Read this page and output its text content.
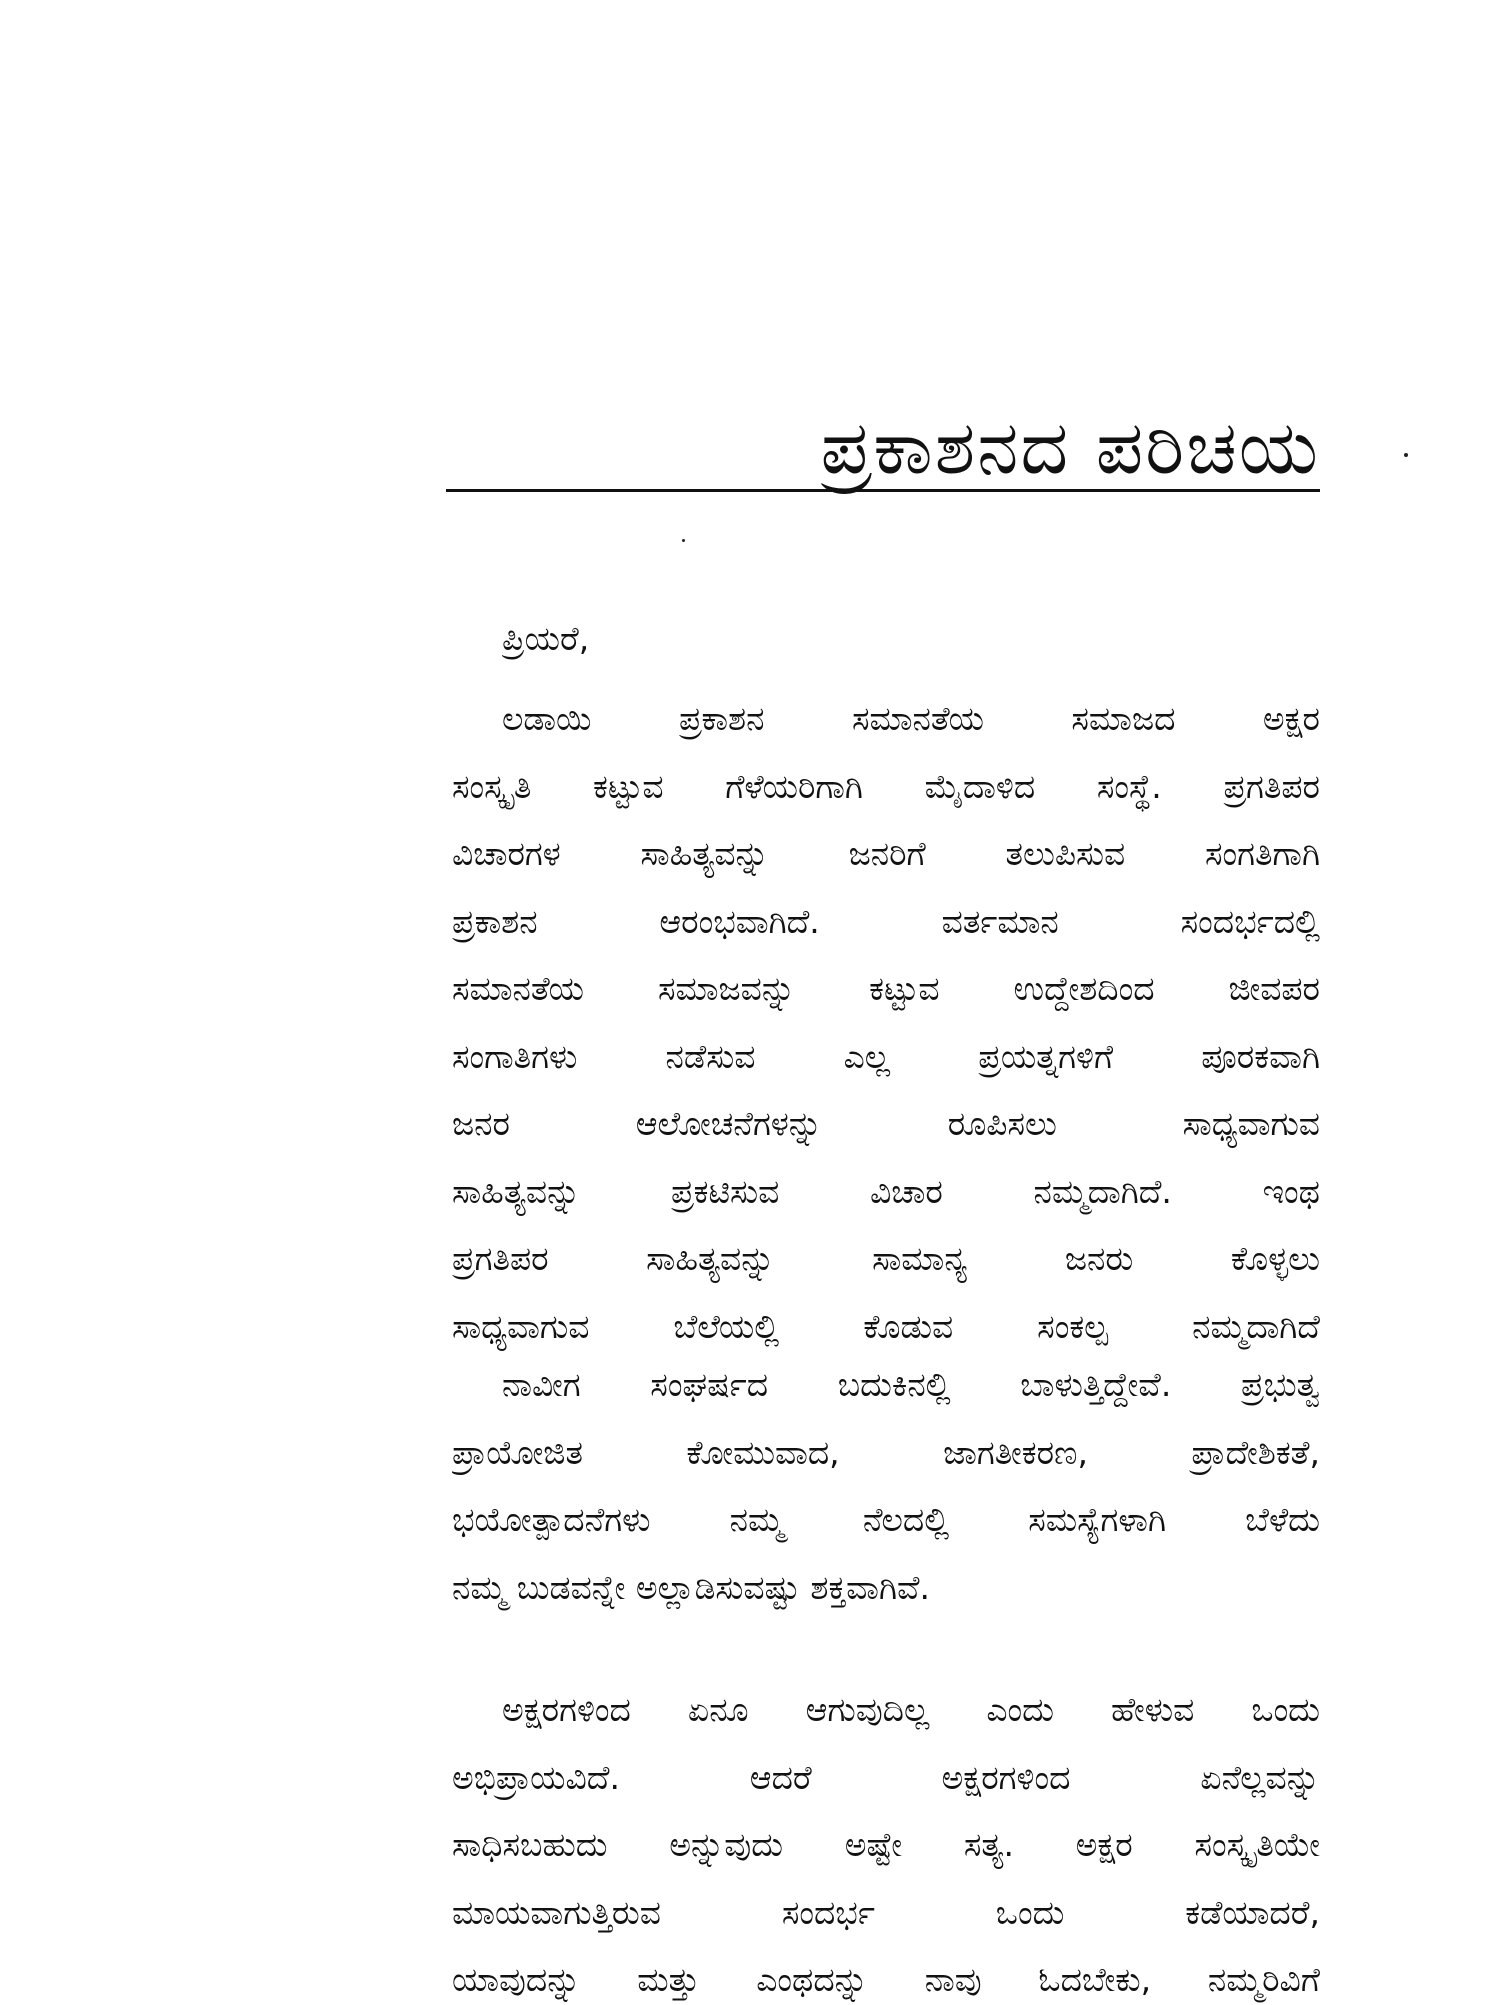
ಪ್ರಕಾಶನದ ಪರಿಚಯ
ಪ್ರಿಯರೆ,
ಲಡಾಯಿ ಪ್ರಕಾಶನ ಸಮಾನತೆಯ ಸಮಾಜದ ಅಕ್ಷರ
ಸಂಸ್ಕೃತಿ ಕಟ್ಟುವ ಗೆಳೆಯರಿಗಾಗಿ ಮೈದಾಳಿದ ಸಂಸ್ಥೆ. ಪ್ರಗತಿಪರ
ವಿಚಾರಗಳ ಸಾಹಿತ್ಯವನ್ನು ಜನರಿಗೆ ತಲುಪಿಸುವ ಸಂಗತಿಗಾಗಿ
ಪ್ರಕಾಶನ ಆರಂಭವಾಗಿದೆ. ವರ್ತಮಾನ ಸಂದರ್ಭದಲ್ಲಿ
ಸಮಾನತೆಯ ಸಮಾಜವನ್ನು ಕಟ್ಟುವ ಉದ್ದೇಶದಿಂದ ಜೀವಪರ
ಸಂಗಾತಿಗಳು ನಡೆಸುವ ಎಲ್ಲ ಪ್ರಯತ್ನಗಳಿಗೆ ಪೂರಕವಾಗಿ
ಜನರ ಆಲೋಚನೆಗಳನ್ನು ರೂಪಿಸಲು ಸಾಧ್ಯವಾಗುವ
ಸಾಹಿತ್ಯವನ್ನು ಪ್ರಕಟಿಸುವ ವಿಚಾರ ನಮ್ಮದಾಗಿದೆ. ಇಂಥ
ಪ್ರಗತಿಪರ ಸಾಹಿತ್ಯವನ್ನು ಸಾಮಾನ್ಯ ಜನರು ಕೊಳ್ಳಲು
ಸಾಧ್ಯವಾಗುವ ಬೆಲೆಯಲ್ಲಿ ಕೊಡುವ ಸಂಕಲ್ಪ ನಮ್ಮದಾಗಿದೆ
ನಾವೀಗ ಸಂಘರ್ಷದ ಬದುಕಿನಲ್ಲಿ ಬಾಳುತ್ತಿದ್ದೇವೆ. ಪ್ರಭುತ್ವ
ಪ್ರಾಯೋಜಿತ ಕೋಮುವಾದ, ಜಾಗತೀಕರಣ, ಪ್ರಾದೇಶಿಕತೆ,
ಭಯೋತ್ಪಾದನೆಗಳು ನಮ್ಮ ನೆಲದಲ್ಲಿ ಸಮಸ್ಯೆಗಳಾಗಿ ಬೆಳೆದು
ನಮ್ಮ ಬುಡವನ್ನೇ ಅಲ್ಲಾಡಿಸುವಷ್ಟು ಶಕ್ತವಾಗಿವೆ.
ಅಕ್ಷರಗಳಿಂದ ಏನೂ ಆಗುವುದಿಲ್ಲ ಎಂದು ಹೇಳುವ ಒಂದು
ಅಭಿಪ್ರಾಯವಿದೆ. ಆದರೆ ಅಕ್ಷರಗಳಿಂದ ಏನೆಲ್ಲವನ್ನು
ಸಾಧಿಸಬಹುದು ಅನ್ನುವುದು ಅಷ್ಟೇ ಸತ್ಯ. ಅಕ್ಷರ ಸಂಸ್ಕೃತಿಯೇ
ಮಾಯವಾಗುತ್ತಿರುವ ಸಂದರ್ಭ ಒಂದು ಕಡೆಯಾದರೆ,
ಯಾವುದನ್ನು ಮತ್ತು ಎಂಥದನ್ನು ನಾವು ಓದಬೇಕು, ನಮ್ಮರಿವಿಗೆ
